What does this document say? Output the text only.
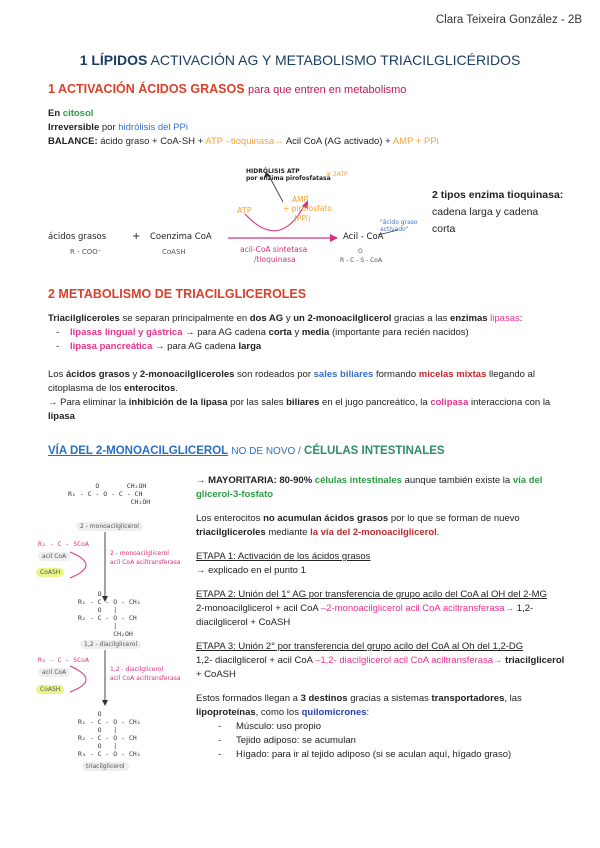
Clara Teixeira González - 2B
1 LÍPIDOS ACTIVACIÓN AG Y METABOLISMO TRIACILGLICÉRIDOS
1 ACTIVACIÓN ÁCIDOS GRASOS para que entren en metabolismo
En citosol
Irreversible por hidrólisis del PPi
BALANCE: ácido graso + CoA-SH + ATP –tioquinasa→ Acil CoA (AG activado) + AMP + PPi
ácidos grasos
R - COO⁻
+ Coenzima CoA
CoASH
ATP
AMP
+ pirofosfato
(PPi)
HIDRÓLISIS ATP
por enzima pirofosfatasa
⊕ 2ATP
acil-CoA sintetasa
/tioquinasa
Acil - CoA
"ácido graso activado"
O
R - C - S - CoA
2 tipos enzima tioquinasa: cadena larga y cadena corta
2 METABOLISMO DE TRIACILGLICEROLES
Triacilgliceroles se separan principalmente en dos AG y un 2-monoacilglicerol gracias a las enzimas lipasas:
- lipasas lingual y gástrica → para AG cadena corta y media (importante para recién nacidos)
- lipasa pancreática → para AG cadena larga
Los ácidos grasos y 2-monoacilgliceroles son rodeados por sales biliares formando micelas mixtas llegando al citoplasma de los enterocitos.
→ Para eliminar la inhibición de la lipasa por las sales biliares en el jugo pancreático, la colipasa interacciona con la lipasa
VÍA DEL 2-MONOACILGLICEROL NO DE NOVO / CÉLULAS INTESTINALES
O       CH₂OH
R₁ - C - O - C - CH
CH₂OH
2 - monoacilglicerol
R₂ - C - SCoA
acil CoA
CoASH
2 - monoacilglicerol
acil CoA aciltransferasa
O
R₁ - C - O - CH₂
O   |
R₂ - C - O - CH
|
CH₂OH
1,2 - diacilglicerol
R₃ - C - SCoA
acil CoA
CoASH
1,2 - diacilglicerol
acil CoA aciltransferasa
O
R₁ - C - O - CH₂
O   |
R₂ - C - O - CH
O   |
R₃ - C - O - CH₂
triacilglicerol
→ MAYORITARIA: 80-90% células intestinales aunque también existe la vía del glicerol-3-fosfato
Los enterocitos no acumulan ácidos grasos por lo que se forman de nuevo triacilgliceroles mediante la vía del 2-monoacilglicerol.
ETAPA 1: Activación de los ácidos grasos
→ explicado en el punto 1
ETAPA 2: Unión del 1° AG por transferencia de grupo acilo del CoA al OH del 2-MG
2-monoacilglicerol + acil CoA –2-monoacilglicerol acil CoA aciltransferasa→ 1,2-diacilglicerol + CoASH
ETAPA 3: Unión 2° por transferencia del grupo acilo del CoA al Oh del 1,2-DG
1,2- diacilglicerol + acil CoA –1,2- diacilglicerol acil CoA aciltransferasa→ triacilglicerol + CoASH
Estos formados llegan a 3 destinos gracias a sistemas transportadores, las lipoproteínas, como los quilomicrones:
- Músculo: uso propio
- Tejido adiposo: se acumulan
- Hígado: para ir al tejido adiposo (si se aculan aquí, hígado graso)
